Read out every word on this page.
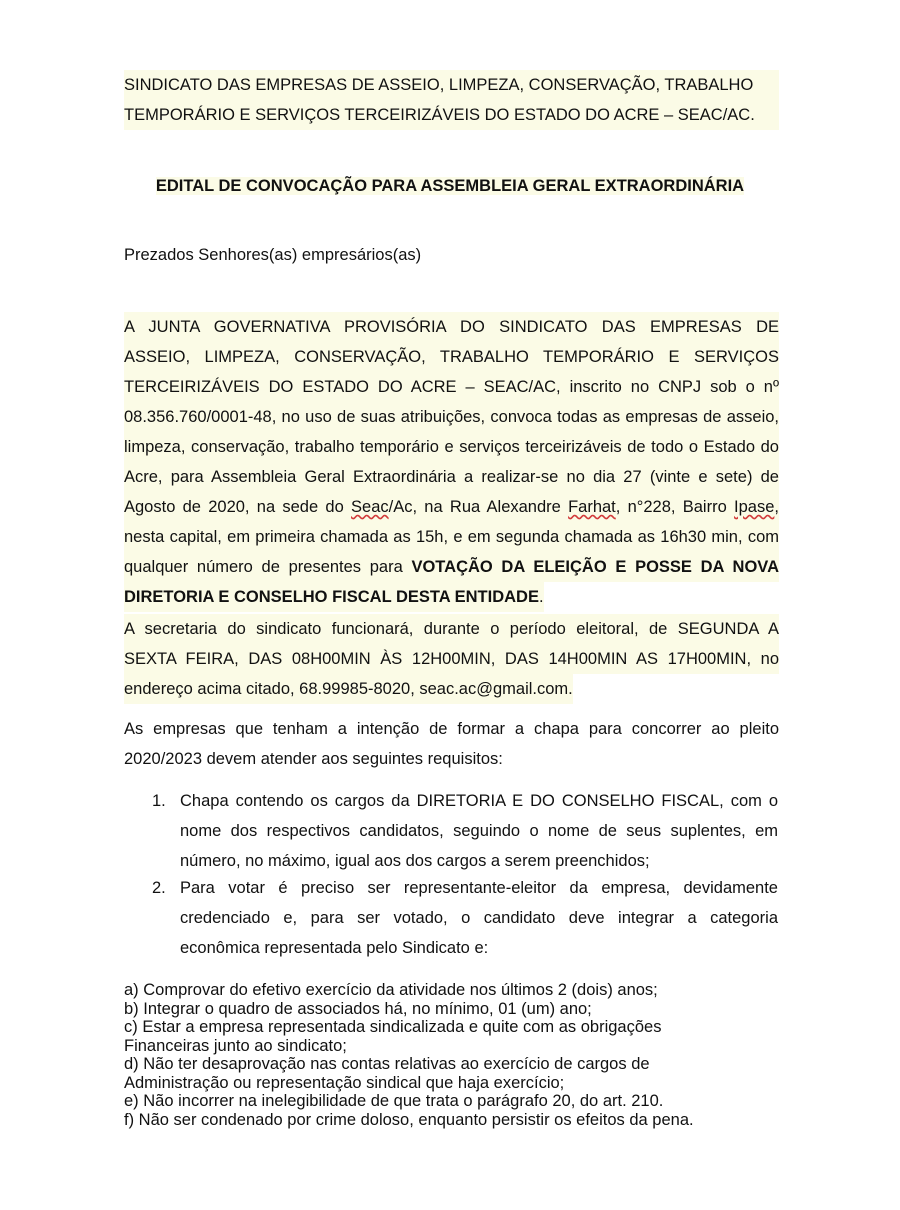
SINDICATO DAS EMPRESAS DE ASSEIO, LIMPEZA, CONSERVAÇÃO, TRABALHO
TEMPORÁRIO E SERVIÇOS TERCEIRIZÁVEIS DO ESTADO DO ACRE – SEAC/AC.
EDITAL DE CONVOCAÇÃO PARA ASSEMBLEIA GERAL EXTRAORDINÁRIA
Prezados Senhores(as) empresários(as)
A JUNTA GOVERNATIVA PROVISÓRIA DO SINDICATO DAS EMPRESAS DE
ASSEIO, LIMPEZA, CONSERVAÇÃO, TRABALHO TEMPORÁRIO E SERVIÇOS
TERCEIRIZÁVEIS DO ESTADO DO ACRE – SEAC/AC, inscrito no CNPJ sob o nº
08.356.760/0001-48, no uso de suas atribuições, convoca todas as empresas de asseio,
limpeza, conservação, trabalho temporário e serviços terceirizáveis de todo o Estado do
Acre, para Assembleia Geral Extraordinária a realizar-se no dia 27 (vinte e sete) de
Agosto de 2020, na sede do Seac/Ac, na Rua Alexandre Farhat, n°228, Bairro Ipase,
nesta capital, em primeira chamada as 15h, e em segunda chamada as 16h30 min, com
qualquer número de presentes para VOTAÇÃO DA ELEIÇÃO E POSSE DA NOVA
DIRETORIA E CONSELHO FISCAL DESTA ENTIDADE.
A secretaria do sindicato funcionará, durante o período eleitoral, de SEGUNDA A
SEXTA FEIRA, DAS 08H00MIN ÀS 12H00MIN, DAS 14H00MIN AS 17H00MIN, no
endereço acima citado, 68.99985-8020, seac.ac@gmail.com.
As empresas que tenham a intenção de formar a chapa para concorrer ao pleito
2020/2023 devem atender aos seguintes requisitos:
1. Chapa contendo os cargos da DIRETORIA E DO CONSELHO FISCAL, com o
nome dos respectivos candidatos, seguindo o nome de seus suplentes, em
número, no máximo, igual aos dos cargos a serem preenchidos;
2. Para votar é preciso ser representante-eleitor da empresa, devidamente
credenciado e, para ser votado, o candidato deve integrar a categoria
econômica representada pelo Sindicato e:
a) Comprovar do efetivo exercício da atividade nos últimos 2 (dois) anos;
b) Integrar o quadro de associados há, no mínimo, 01 (um) ano;
c) Estar a empresa representada sindicalizada e quite com as obrigações
Financeiras junto ao sindicato;
d) Não ter desaprovação nas contas relativas ao exercício de cargos de
Administração ou representação sindical que haja exercício;
e) Não incorrer na inelegibilidade de que trata o parágrafo 20, do art. 210.
f) Não ser condenado por crime doloso, enquanto persistir os efeitos da pena.
